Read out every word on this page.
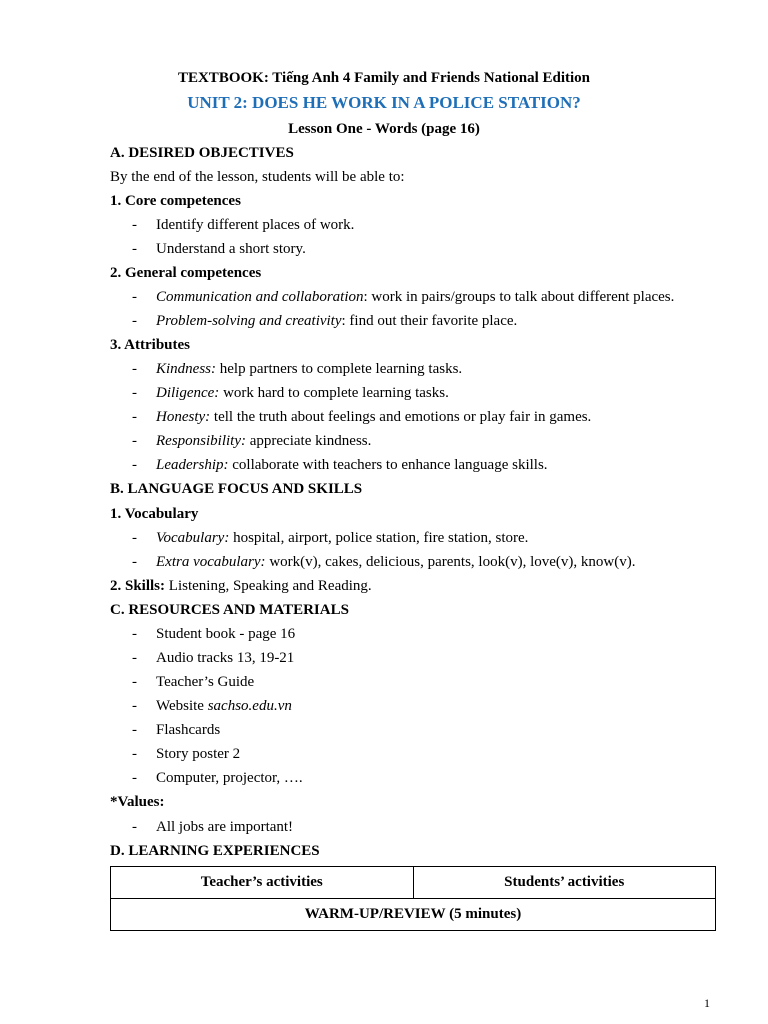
TEXTBOOK: Tiếng Anh 4 Family and Friends National Edition
UNIT 2: DOES HE WORK IN A POLICE STATION?
Lesson One - Words (page 16)
A. DESIRED OBJECTIVES
By the end of the lesson, students will be able to:
1. Core competences
- Identify different places of work.
- Understand a short story.
2. General competences
- Communication and collaboration: work in pairs/groups to talk about different places.
- Problem-solving and creativity: find out their favorite place.
3. Attributes
- Kindness: help partners to complete learning tasks.
- Diligence: work hard to complete learning tasks.
- Honesty: tell the truth about feelings and emotions or play fair in games.
- Responsibility: appreciate kindness.
- Leadership: collaborate with teachers to enhance language skills.
B. LANGUAGE FOCUS AND SKILLS
1. Vocabulary
- Vocabulary: hospital, airport, police station, fire station, store.
- Extra vocabulary: work(v), cakes, delicious, parents, look(v), love(v), know(v).
2. Skills: Listening, Speaking and Reading.
C. RESOURCES AND MATERIALS
- Student book - page 16
- Audio tracks 13, 19-21
- Teacher’s Guide
- Website sachso.edu.vn
- Flashcards
- Story poster 2
- Computer, projector, ….
*Values:
- All jobs are important!
D. LEARNING EXPERIENCES
Teacher’s activities	Students’ activities
WARM-UP/REVIEW (5 minutes)
1
